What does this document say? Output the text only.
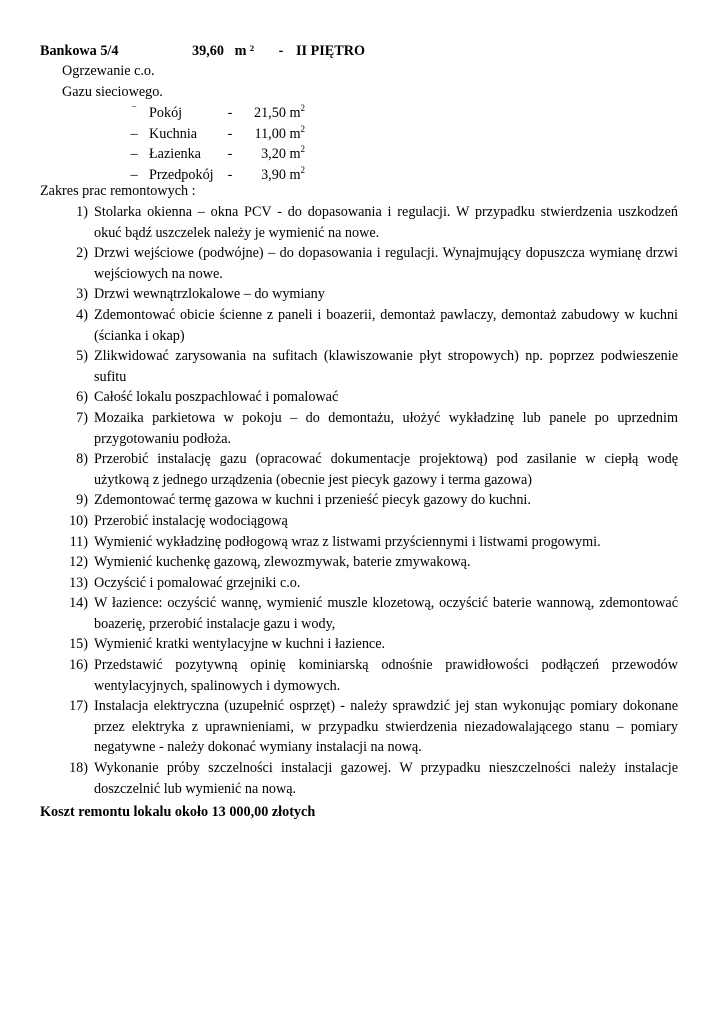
Bankowa 5/4	39,60   m ² - II PIĘTRO
Ogrzewanie c.o.
Gazu sieciowego.
– Pokój	-	21,50 $m^2$
– Kuchnia -	11,00 $m^2$
– Łazienka -	3,20 $m^2$
– Przedpokój -	3,90 $m^2$
Zakres prac remontowych :
1) Stolarka okienna – okna PCV - do dopasowania i regulacji. W przypadku stwierdzenia uszkodzeń okuć bądź uszczelek należy je wymienić na nowe.
2) Drzwi wejściowe (podwójne) – do dopasowania i regulacji. Wynajmujący dopuszcza wymianę drzwi wejściowych na nowe.
3) Drzwi wewnątrzlokalowe – do wymiany
4) Zdemontować obicie ścienne z paneli i boazerii, demontaż pawlaczy, demontaż zabudowy w kuchni (ścianka i okap)
5) Zlikwidować zarysowania na sufitach (klawiszowanie płyt stropowych) np. poprzez podwieszenie sufitu
6) Całość lokalu poszpachlować i pomalować
7) Mozaika parkietowa w pokoju – do demontażu, ułożyć wykładzinę lub panele po uprzednim przygotowaniu podłoża.
8) Przerobić instalację gazu (opracować dokumentacje projektową) pod zasilanie w ciepłą wodę użytkową z jednego urządzenia (obecnie jest piecyk gazowy i terma gazowa)
9) Zdemontować termę gazowa w kuchni i przenieść piecyk gazowy do kuchni.
10) Przerobić instalację wodociągową
11) Wymienić wykładzinę podłogową wraz z listwami przyściennymi i listwami progowymi.
12) Wymienić kuchenkę gazową, zlewozmywak, baterie zmywakową.
13) Oczyścić i pomalować grzejniki c.o.
14) W łazience: oczyścić wannę, wymienić muszle klozetową, oczyścić baterie wannową, zdemontować boazerię, przerobić instalacje gazu i wody,
15) Wymienić kratki wentylacyjne w kuchni i łazience.
16) Przedstawić pozytywną opinię kominiarską odnośnie prawidłowości podłączeń przewodów wentylacyjnych, spalinowych i dymowych.
17) Instalacja elektryczna (uzupełnić osprzęt) - należy sprawdzić jej stan wykonując pomiary dokonane przez elektryka z uprawnieniami, w przypadku stwierdzenia niezadowalającego stanu – pomiary negatywne - należy dokonać wymiany instalacji na nową.
18) Wykonanie próby szczelności instalacji gazowej. W przypadku nieszczelności należy instalacje doszczelnić lub wymienić na nową.
Koszt remontu lokalu około 13 000,00 złotych
